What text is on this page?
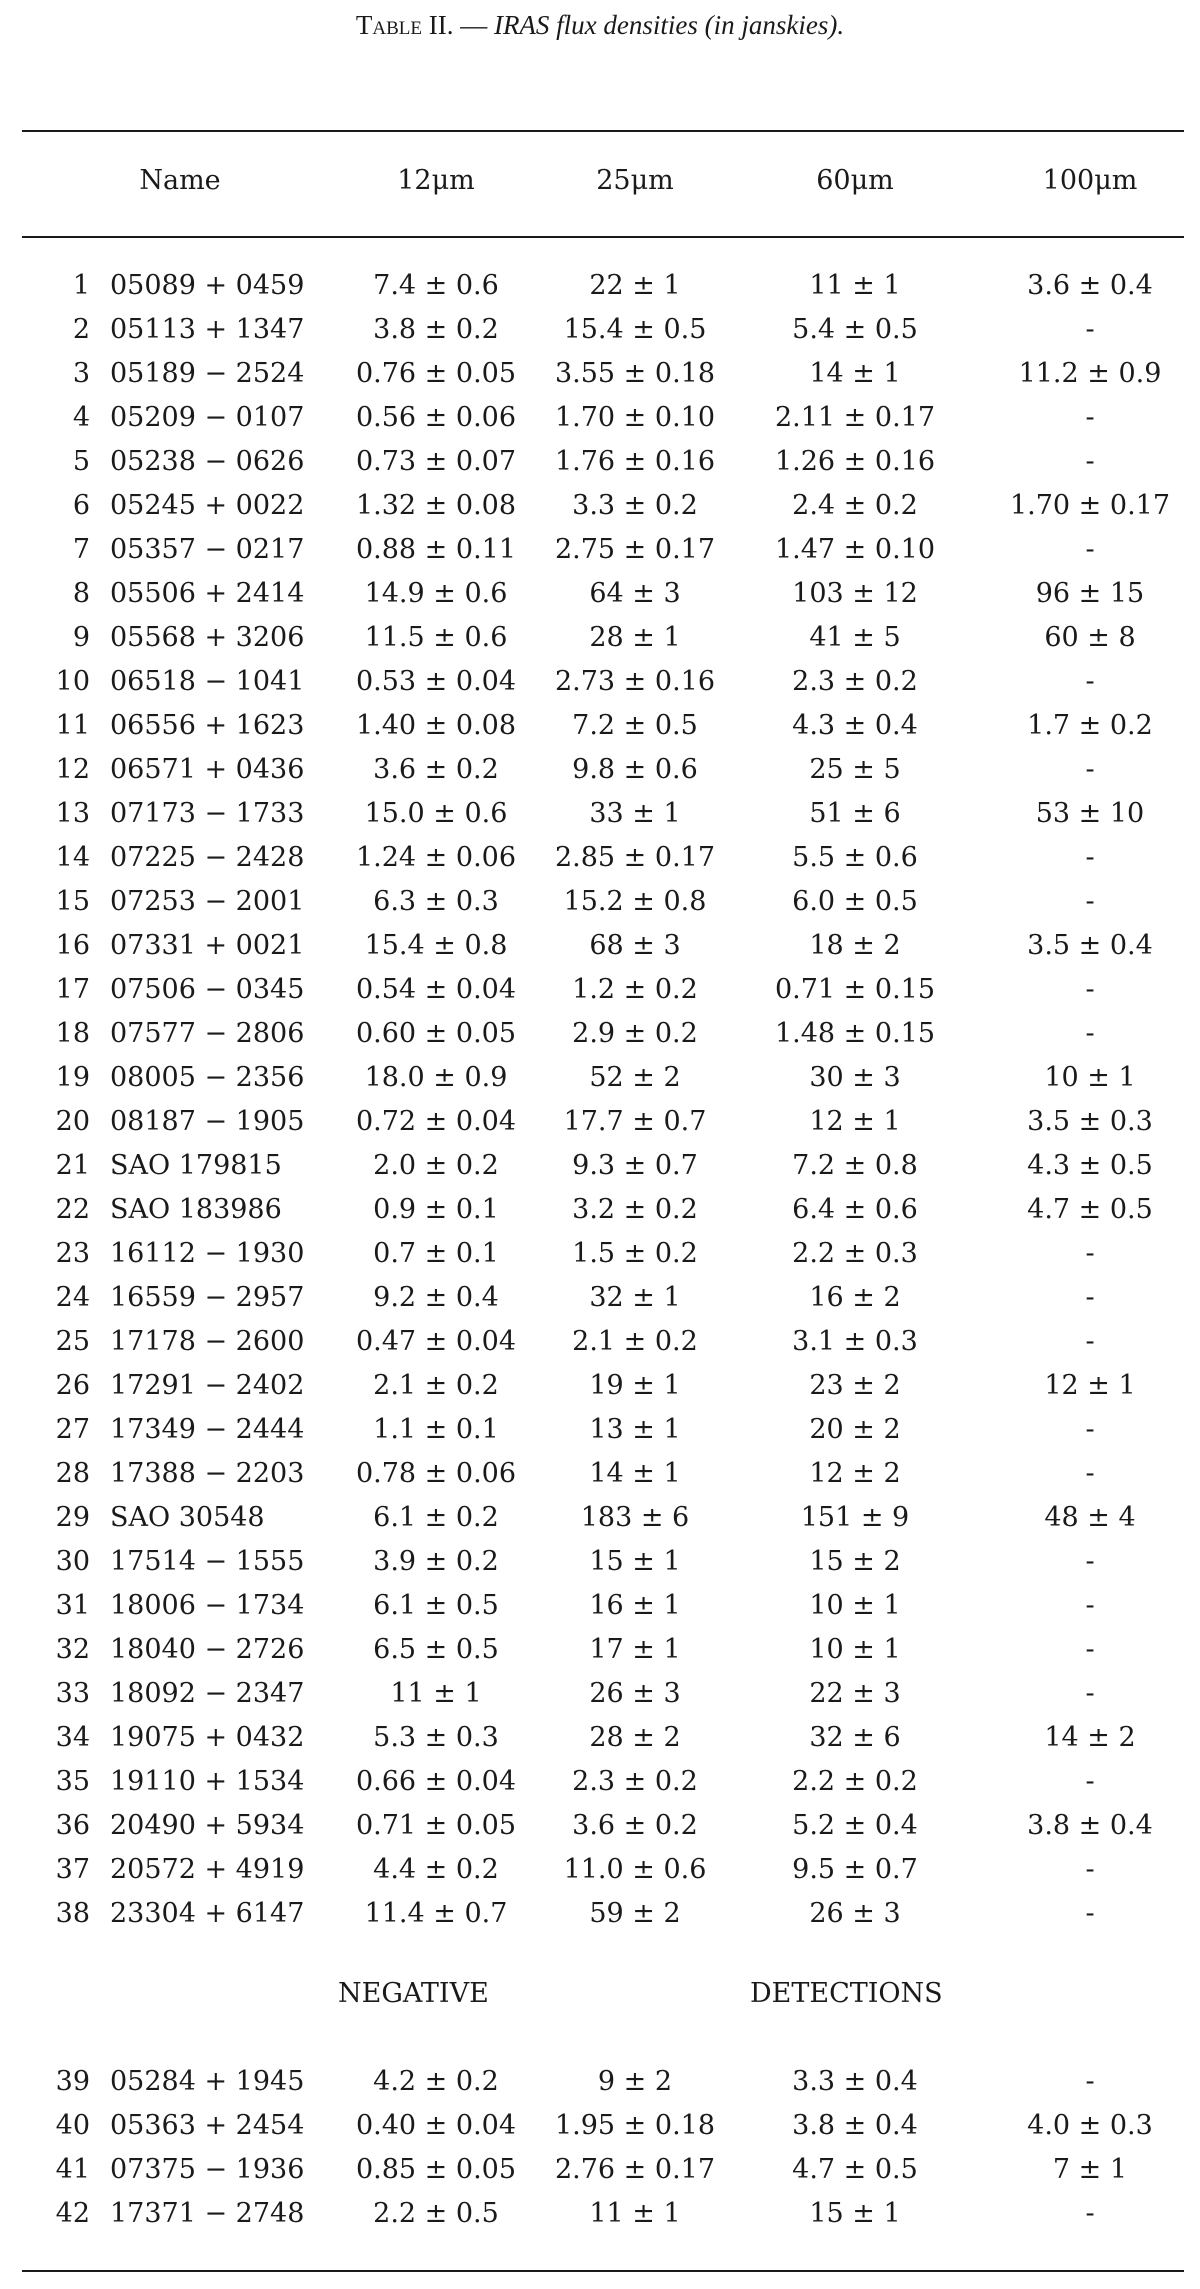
Table II. — IRAS flux densities (in janskies).
Name	12μm	25μm	60μm	100μm
1 05089 + 0459	7.4 ± 0.6	22 ± 1	11 ± 1	3.6 ± 0.4
2 05113 + 1347	3.8 ± 0.2	15.4 ± 0.5	5.4 ± 0.5	-
3 05189 − 2524	0.76 ± 0.05	3.55 ± 0.18	14 ± 1	11.2 ± 0.9
4 05209 − 0107	0.56 ± 0.06	1.70 ± 0.10	2.11 ± 0.17	-
5 05238 − 0626	0.73 ± 0.07	1.76 ± 0.16	1.26 ± 0.16	-
6 05245 + 0022	1.32 ± 0.08	3.3 ± 0.2	2.4 ± 0.2	1.70 ± 0.17
7 05357 − 0217	0.88 ± 0.11	2.75 ± 0.17	1.47 ± 0.10	-
8 05506 + 2414	14.9 ± 0.6	64 ± 3	103 ± 12	96 ± 15
9 05568 + 3206	11.5 ± 0.6	28 ± 1	41 ± 5	60 ± 8
10 06518 − 1041	0.53 ± 0.04	2.73 ± 0.16	2.3 ± 0.2	-
11 06556 + 1623	1.40 ± 0.08	7.2 ± 0.5	4.3 ± 0.4	1.7 ± 0.2
12 06571 + 0436	3.6 ± 0.2	9.8 ± 0.6	25 ± 5	-
13 07173 − 1733	15.0 ± 0.6	33 ± 1	51 ± 6	53 ± 10
14 07225 − 2428	1.24 ± 0.06	2.85 ± 0.17	5.5 ± 0.6	-
15 07253 − 2001	6.3 ± 0.3	15.2 ± 0.8	6.0 ± 0.5	-
16 07331 + 0021	15.4 ± 0.8	68 ± 3	18 ± 2	3.5 ± 0.4
17 07506 − 0345	0.54 ± 0.04	1.2 ± 0.2	0.71 ± 0.15	-
18 07577 − 2806	0.60 ± 0.05	2.9 ± 0.2	1.48 ± 0.15	-
19 08005 − 2356	18.0 ± 0.9	52 ± 2	30 ± 3	10 ± 1
20 08187 − 1905	0.72 ± 0.04	17.7 ± 0.7	12 ± 1	3.5 ± 0.3
21 SAO 179815	2.0 ± 0.2	9.3 ± 0.7	7.2 ± 0.8	4.3 ± 0.5
22 SAO 183986	0.9 ± 0.1	3.2 ± 0.2	6.4 ± 0.6	4.7 ± 0.5
23 16112 − 1930	0.7 ± 0.1	1.5 ± 0.2	2.2 ± 0.3	-
24 16559 − 2957	9.2 ± 0.4	32 ± 1	16 ± 2	-
25 17178 − 2600	0.47 ± 0.04	2.1 ± 0.2	3.1 ± 0.3	-
26 17291 − 2402	2.1 ± 0.2	19 ± 1	23 ± 2	12 ± 1
27 17349 − 2444	1.1 ± 0.1	13 ± 1	20 ± 2	-
28 17388 − 2203	0.78 ± 0.06	14 ± 1	12 ± 2	-
29 SAO 30548	6.1 ± 0.2	183 ± 6	151 ± 9	48 ± 4
30 17514 − 1555	3.9 ± 0.2	15 ± 1	15 ± 2	-
31 18006 − 1734	6.1 ± 0.5	16 ± 1	10 ± 1	-
32 18040 − 2726	6.5 ± 0.5	17 ± 1	10 ± 1	-
33 18092 − 2347	11 ± 1	26 ± 3	22 ± 3	-
34 19075 + 0432	5.3 ± 0.3	28 ± 2	32 ± 6	14 ± 2
35 19110 + 1534	0.66 ± 0.04	2.3 ± 0.2	2.2 ± 0.2	-
36 20490 + 5934	0.71 ± 0.05	3.6 ± 0.2	5.2 ± 0.4	3.8 ± 0.4
37 20572 + 4919	4.4 ± 0.2	11.0 ± 0.6	9.5 ± 0.7	-
38 23304 + 6147	11.4 ± 0.7	59 ± 2	26 ± 3	-
NEGATIVE	DETECTIONS
39 05284 + 1945	4.2 ± 0.2	9 ± 2	3.3 ± 0.4	-
40 05363 + 2454	0.40 ± 0.04	1.95 ± 0.18	3.8 ± 0.4	4.0 ± 0.3
41 07375 − 1936	0.85 ± 0.05	2.76 ± 0.17	4.7 ± 0.5	7 ± 1
42 17371 − 2748	2.2 ± 0.5	11 ± 1	15 ± 1	-
